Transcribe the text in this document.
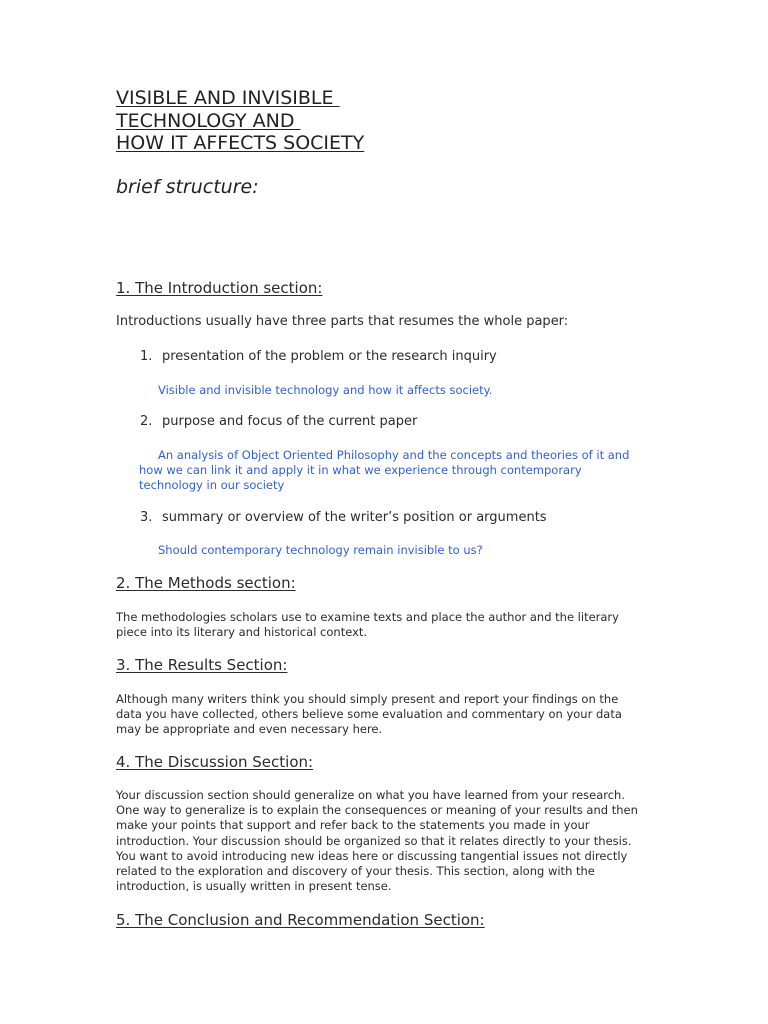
VISIBLE AND INVISIBLE
TECHNOLOGY AND
HOW IT AFFECTS SOCIETY
brief structure:
1. The Introduction section:
Introductions usually have three parts that resumes the whole paper:
1. presentation of the problem or the research inquiry
Visible and invisible technology and how it affects society.
2. purpose and focus of the current paper
An analysis of Object Oriented Philosophy and the concepts and theories of it and how we can link it and apply it in what we experience through contemporary technology in our society
3. summary or overview of the writer’s position or arguments
Should contemporary technology remain invisible to us?
2. The Methods section:
The methodologies scholars use to examine texts and place the author and the literary piece into its literary and historical context.
3. The Results Section:
Although many writers think you should simply present and report your findings on the data you have collected, others believe some evaluation and commentary on your data may be appropriate and even necessary here.
4. The Discussion Section:
Your discussion section should generalize on what you have learned from your research. One way to generalize is to explain the consequences or meaning of your results and then make your points that support and refer back to the statements you made in your introduction. Your discussion should be organized so that it relates directly to your thesis. You want to avoid introducing new ideas here or discussing tangential issues not directly related to the exploration and discovery of your thesis. This section, along with the introduction, is usually written in present tense.
5. The Conclusion and Recommendation Section:
